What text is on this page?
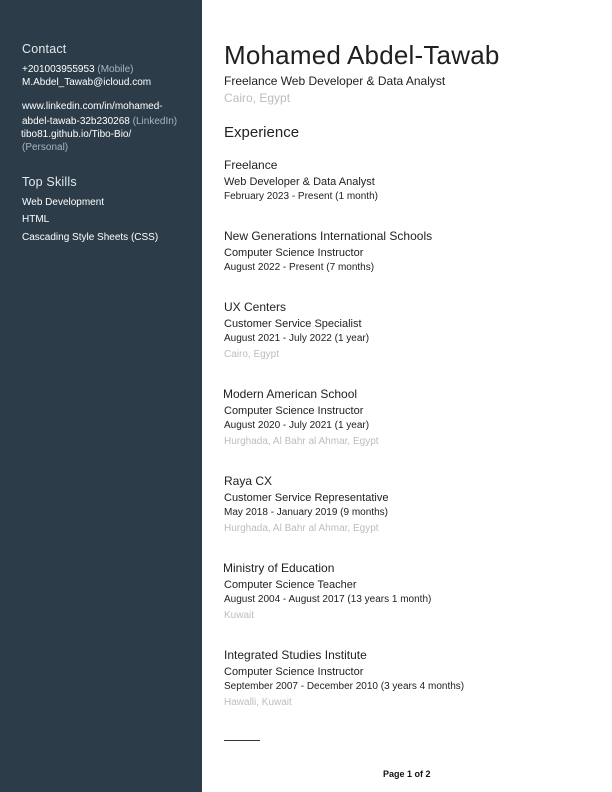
Contact
+201003955953 (Mobile)
M.Abdel_Tawab@icloud.com
www.linkedin.com/in/mohamed-
abdel-tawab-32b230268 (LinkedIn)
tibo81.github.io/Tibo-Bio/
(Personal)
Top Skills
Web Development
HTML
Cascading Style Sheets (CSS)
Mohamed Abdel-Tawab
Freelance Web Developer & Data Analyst
Cairo, Egypt
Experience
Freelance
Web Developer & Data Analyst
February 2023 - Present (1 month)
New Generations International Schools
Computer Science Instructor
August 2022 - Present (7 months)
UX Centers
Customer Service Specialist
August 2021 - July 2022 (1 year)
Cairo, Egypt
Modern American School
Computer Science Instructor
August 2020 - July 2021 (1 year)
Hurghada, Al Bahr al Ahmar, Egypt
Raya CX
Customer Service Representative
May 2018 - January 2019 (9 months)
Hurghada, Al Bahr al Ahmar, Egypt
Ministry of Education
Computer Science Teacher
August 2004 - August 2017 (13 years 1 month)
Kuwait
Integrated Studies Institute
Computer Science Instructor
September 2007 - December 2010 (3 years 4 months)
Hawalli, Kuwait
Page 1 of 2
